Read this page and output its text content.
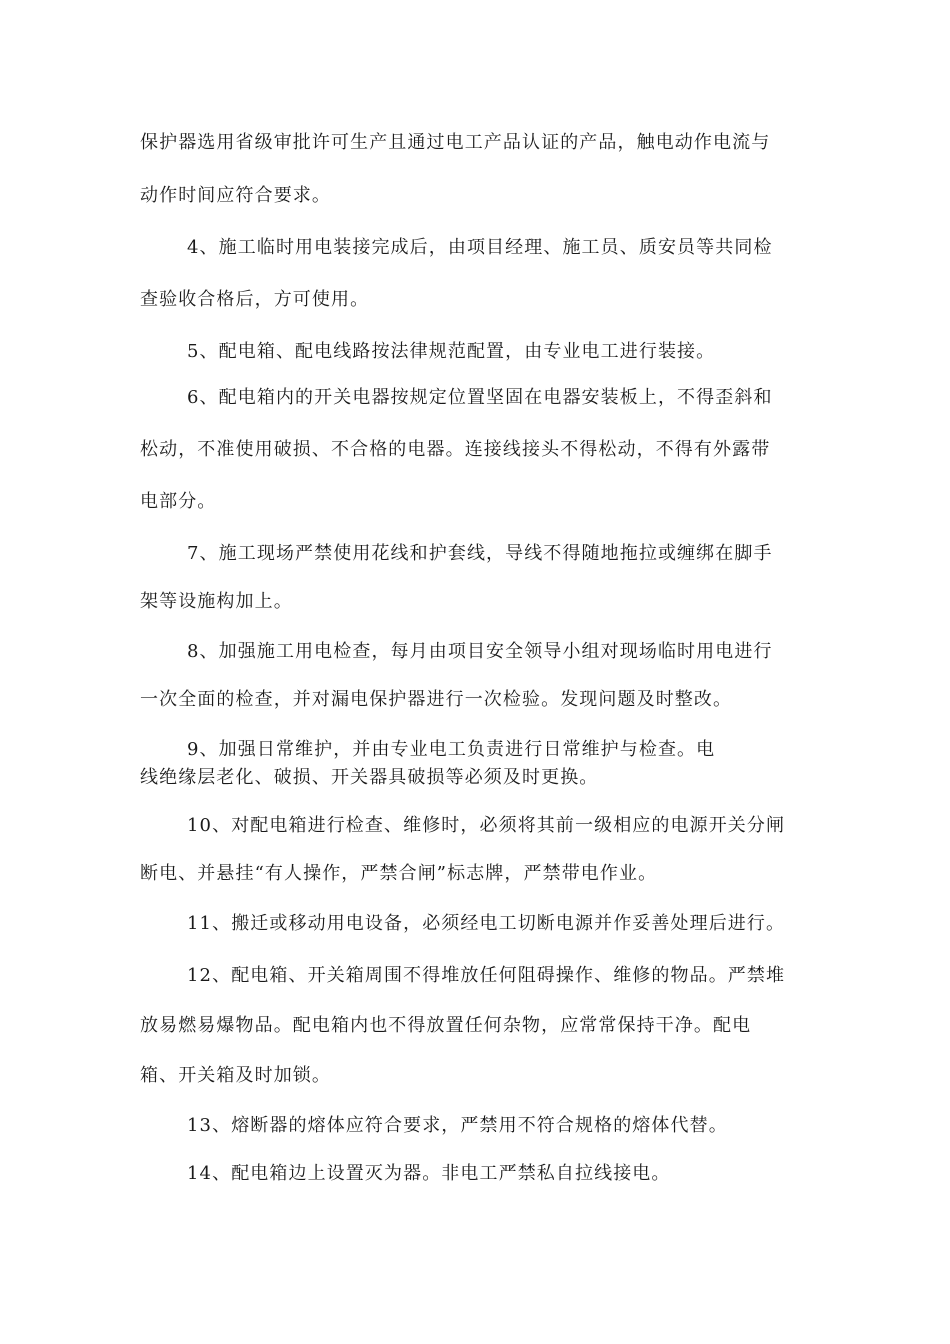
保护器选用省级审批许可生产且通过电工产品认证的产品，触电动作电流与
动作时间应符合要求。
4、施工临时用电装接完成后，由项目经理、施工员、质安员等共同检
查验收合格后，方可使用。
5、配电箱、配电线路按法律规范配置，由专业电工进行装接。
6、配电箱内的开关电器按规定位置坚固在电器安装板上，不得歪斜和
松动，不准使用破损、不合格的电器。连接线接头不得松动，不得有外露带
电部分。
7、施工现场严禁使用花线和护套线，导线不得随地拖拉或缠绑在脚手
架等设施构加上。
8、加强施工用电检查，每月由项目安全领导小组对现场临时用电进行
一次全面的检查，并对漏电保护器进行一次检验。发现问题及时整改。
9、加强日常维护，并由专业电工负责进行日常维护与检查。电
线绝缘层老化、破损、开关器具破损等必须及时更换。
10、对配电箱进行检查、维修时，必须将其前一级相应的电源开关分闸
断电、并悬挂“有人操作，严禁合闸”标志牌，严禁带电作业。
11、搬迁或移动用电设备，必须经电工切断电源并作妥善处理后进行。
12、配电箱、开关箱周围不得堆放任何阻碍操作、维修的物品。严禁堆
放易燃易爆物品。配电箱内也不得放置任何杂物，应常常保持干净。配电
箱、开关箱及时加锁。
13、熔断器的熔体应符合要求，严禁用不符合规格的熔体代替。
14、配电箱边上设置灭为器。非电工严禁私自拉线接电。
